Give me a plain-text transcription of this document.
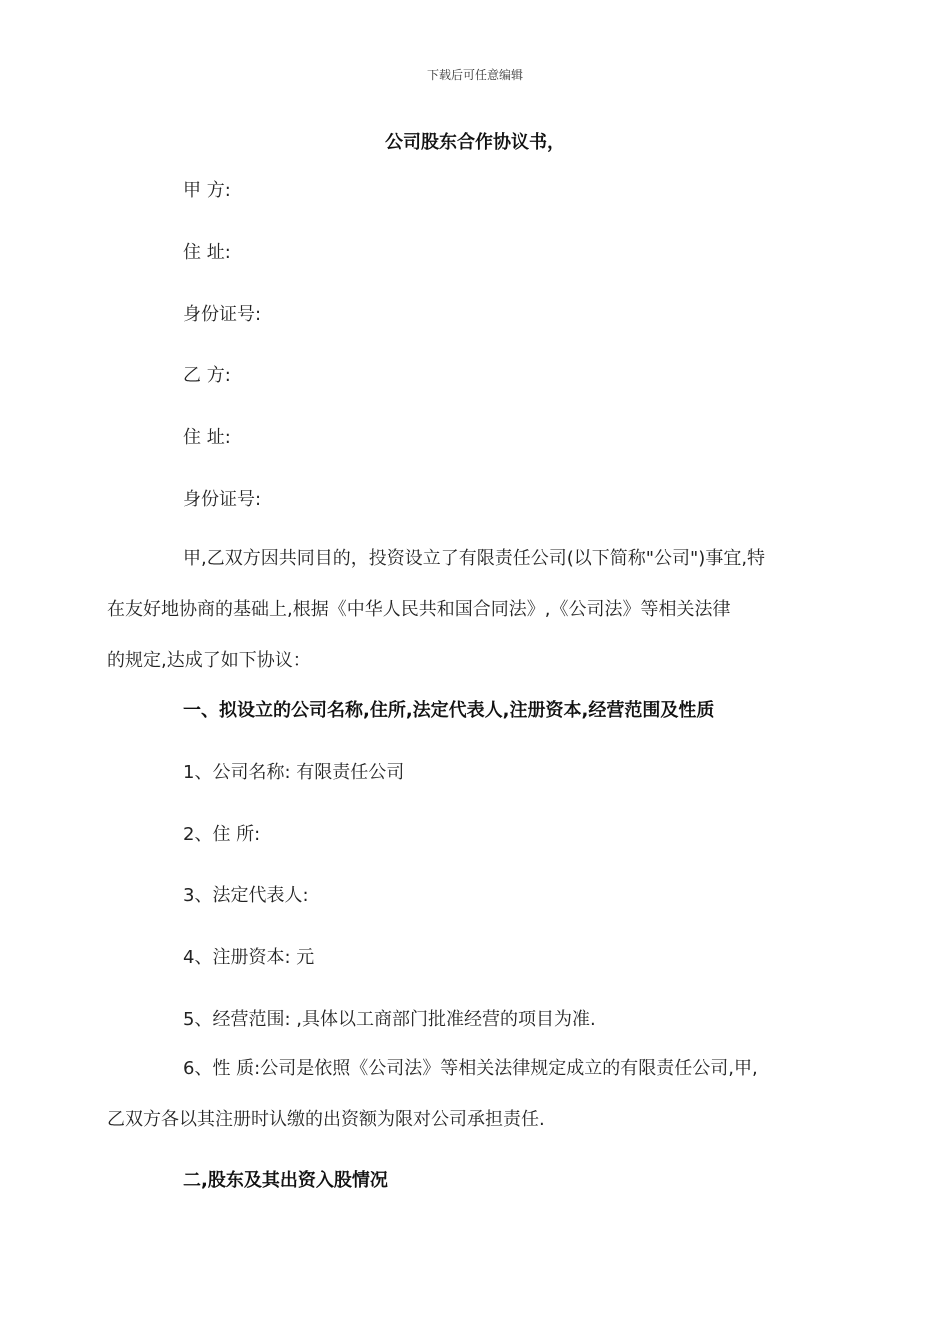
下载后可任意编辑
公司股东合作协议书，
甲 方:
住 址:
身份证号:
乙 方:
住 址:
身份证号:
甲,乙双方因共同目的，投资设立了有限责任公司(以下简称"公司")事宜,特
在友好地协商的基础上,根据《中华人民共和国合同法》,《公司法》等相关法律
的规定,达成了如下协议：
一、拟设立的公司名称,住所,法定代表人,注册资本,经营范围及性质
1、公司名称: 有限责任公司
2、住 所:
3、法定代表人:
4、注册资本: 元
5、经营范围: ,具体以工商部门批准经营的项目为准.
6、性 质:公司是依照《公司法》等相关法律规定成立的有限责任公司,甲,
乙双方各以其注册时认缴的出资额为限对公司承担责任.
二,股东及其出资入股情况
